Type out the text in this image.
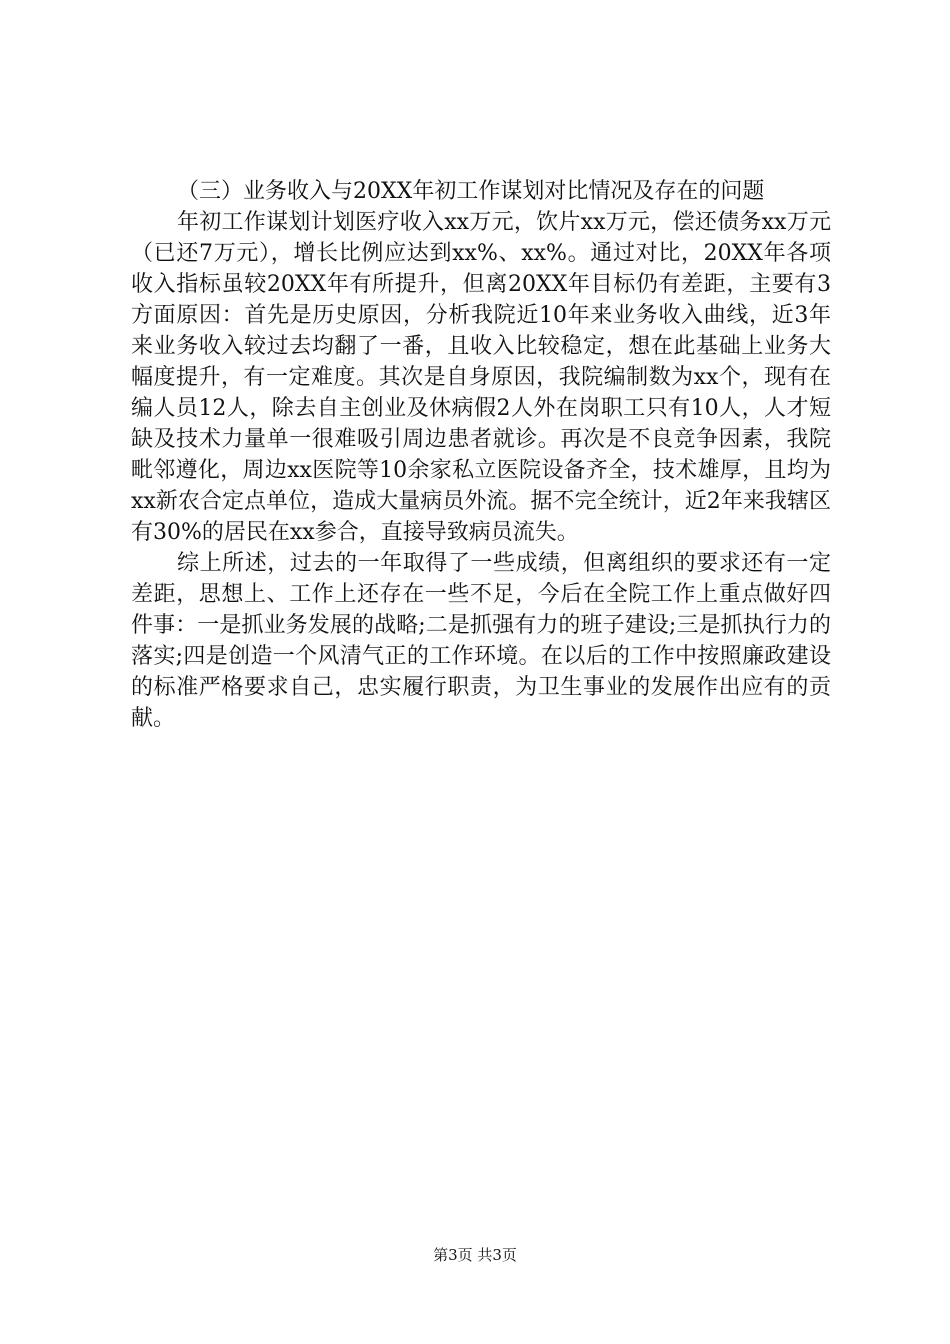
（三）业务收入与20XX年初工作谋划对比情况及存在的问题

年初工作谋划计划医疗收入xx万元，饮片xx万元，偿还债务xx万元（已还7万元），增长比例应达到xx%、xx%。通过对比，20XX年各项收入指标虽较20XX年有所提升，但离20XX年目标仍有差距，主要有3方面原因：首先是历史原因，分析我院近10年来业务收入曲线，近3年来业务收入较过去均翻了一番，且收入比较稳定，想在此基础上业务大幅度提升，有一定难度。其次是自身原因，我院编制数为xx个，现有在编人员12人，除去自主创业及休病假2人外在岗职工只有10人，人才短缺及技术力量单一很难吸引周边患者就诊。再次是不良竞争因素，我院毗邻遵化，周边xx医院等10余家私立医院设备齐全，技术雄厚，且均为xx新农合定点单位，造成大量病员外流。据不完全统计，近2年来我辖区有30%的居民在xx参合，直接导致病员流失。

综上所述，过去的一年取得了一些成绩，但离组织的要求还有一定差距，思想上、工作上还存在一些不足，今后在全院工作上重点做好四件事：一是抓业务发展的战略;二是抓强有力的班子建设;三是抓执行力的落实;四是创造一个风清气正的工作环境。在以后的工作中按照廉政建设的标准严格要求自己，忠实履行职责，为卫生事业的发展作出应有的贡献。

第3页 共3页
